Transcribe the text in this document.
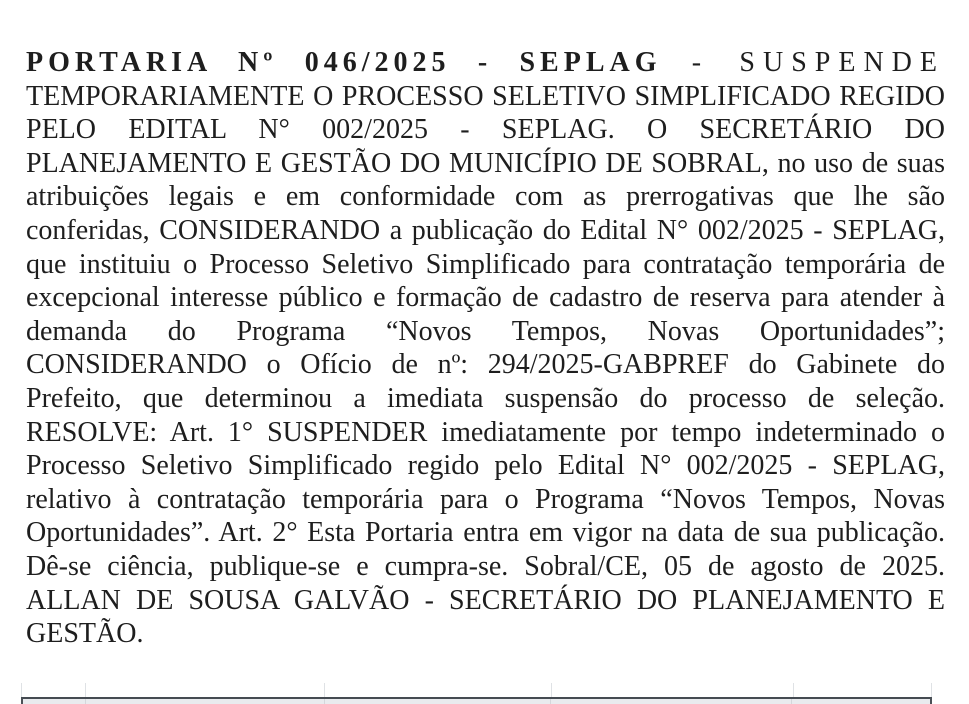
PORTARIA Nº 046/2025 - SEPLAG - SUSPENDE TEMPORARIAMENTE O PROCESSO SELETIVO SIMPLIFICADO REGIDO PELO EDITAL N° 002/2025 - SEPLAG. O SECRETÁRIO DO PLANEJAMENTO E GESTÃO DO MUNICÍPIO DE SOBRAL, no uso de suas atribuições legais e em conformidade com as prerrogativas que lhe são conferidas, CONSIDERANDO a publicação do Edital N° 002/2025 - SEPLAG, que instituiu o Processo Seletivo Simplificado para contratação temporária de excepcional interesse público e formação de cadastro de reserva para atender à demanda do Programa “Novos Tempos, Novas Oportunidades”; CONSIDERANDO o Ofício de nº: 294/2025-GABPREF do Gabinete do Prefeito, que determinou a imediata suspensão do processo de seleção. RESOLVE: Art. 1° SUSPENDER imediatamente por tempo indeterminado o Processo Seletivo Simplificado regido pelo Edital N° 002/2025 - SEPLAG, relativo à contratação temporária para o Programa “Novos Tempos, Novas Oportunidades”. Art. 2° Esta Portaria entra em vigor na data de sua publicação. Dê-se ciência, publique-se e cumpra-se. Sobral/CE, 05 de agosto de 2025. ALLAN DE SOUSA GALVÃO - SECRETÁRIO DO PLANEJAMENTO E GESTÃO.
